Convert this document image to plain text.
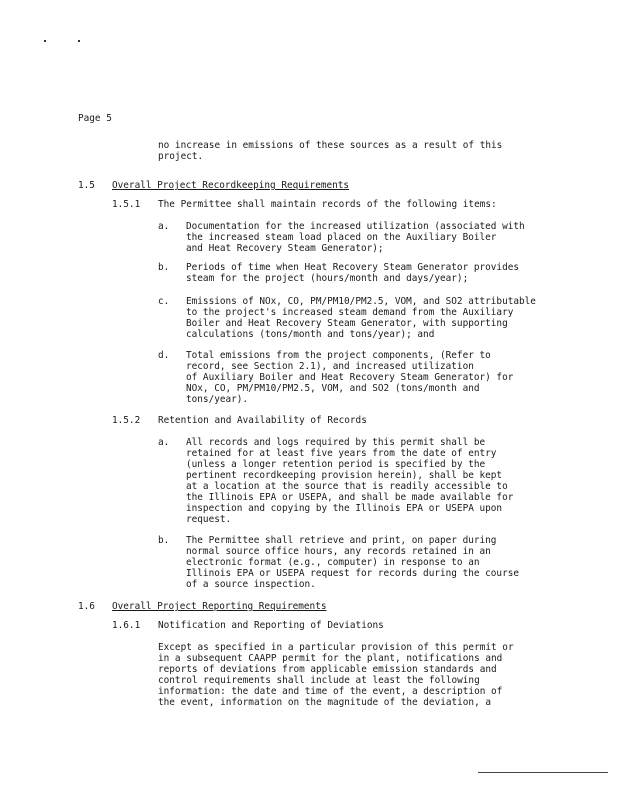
Page 5
no increase in emissions of these sources as a result of this
project.
1.5 Overall Project Recordkeeping Requirements
1.5.1 The Permittee shall maintain records of the following items:
a. Documentation for the increased utilization (associated with
the increased steam load placed on the Auxiliary Boiler
and Heat Recovery Steam Generator);
b. Periods of time when Heat Recovery Steam Generator provides
steam for the project (hours/month and days/year);
c. Emissions of NOx, CO, PM/PM10/PM2.5, VOM, and SO2 attributable
to the project's increased steam demand from the Auxiliary
Boiler and Heat Recovery Steam Generator, with supporting
calculations (tons/month and tons/year); and
d. Total emissions from the project components, (Refer to
record, see Section 2.1), and increased utilization
of Auxiliary Boiler and Heat Recovery Steam Generator) for
NOx, CO, PM/PM10/PM2.5, VOM, and SO2 (tons/month and
tons/year).
1.5.2 Retention and Availability of Records
a. All records and logs required by this permit shall be
retained for at least five years from the date of entry
(unless a longer retention period is specified by the
pertinent recordkeeping provision herein), shall be kept
at a location at the source that is readily accessible to
the Illinois EPA or USEPA, and shall be made available for
inspection and copying by the Illinois EPA or USEPA upon
request.
b. The Permittee shall retrieve and print, on paper during
normal source office hours, any records retained in an
electronic format (e.g., computer) in response to an
Illinois EPA or USEPA request for records during the course
of a source inspection.
1.6 Overall Project Reporting Requirements
1.6.1 Notification and Reporting of Deviations
Except as specified in a particular provision of this permit or
in a subsequent CAAPP permit for the plant, notifications and
reports of deviations from applicable emission standards and
control requirements shall include at least the following
information: the date and time of the event, a description of
the event, information on the magnitude of the deviation, a
